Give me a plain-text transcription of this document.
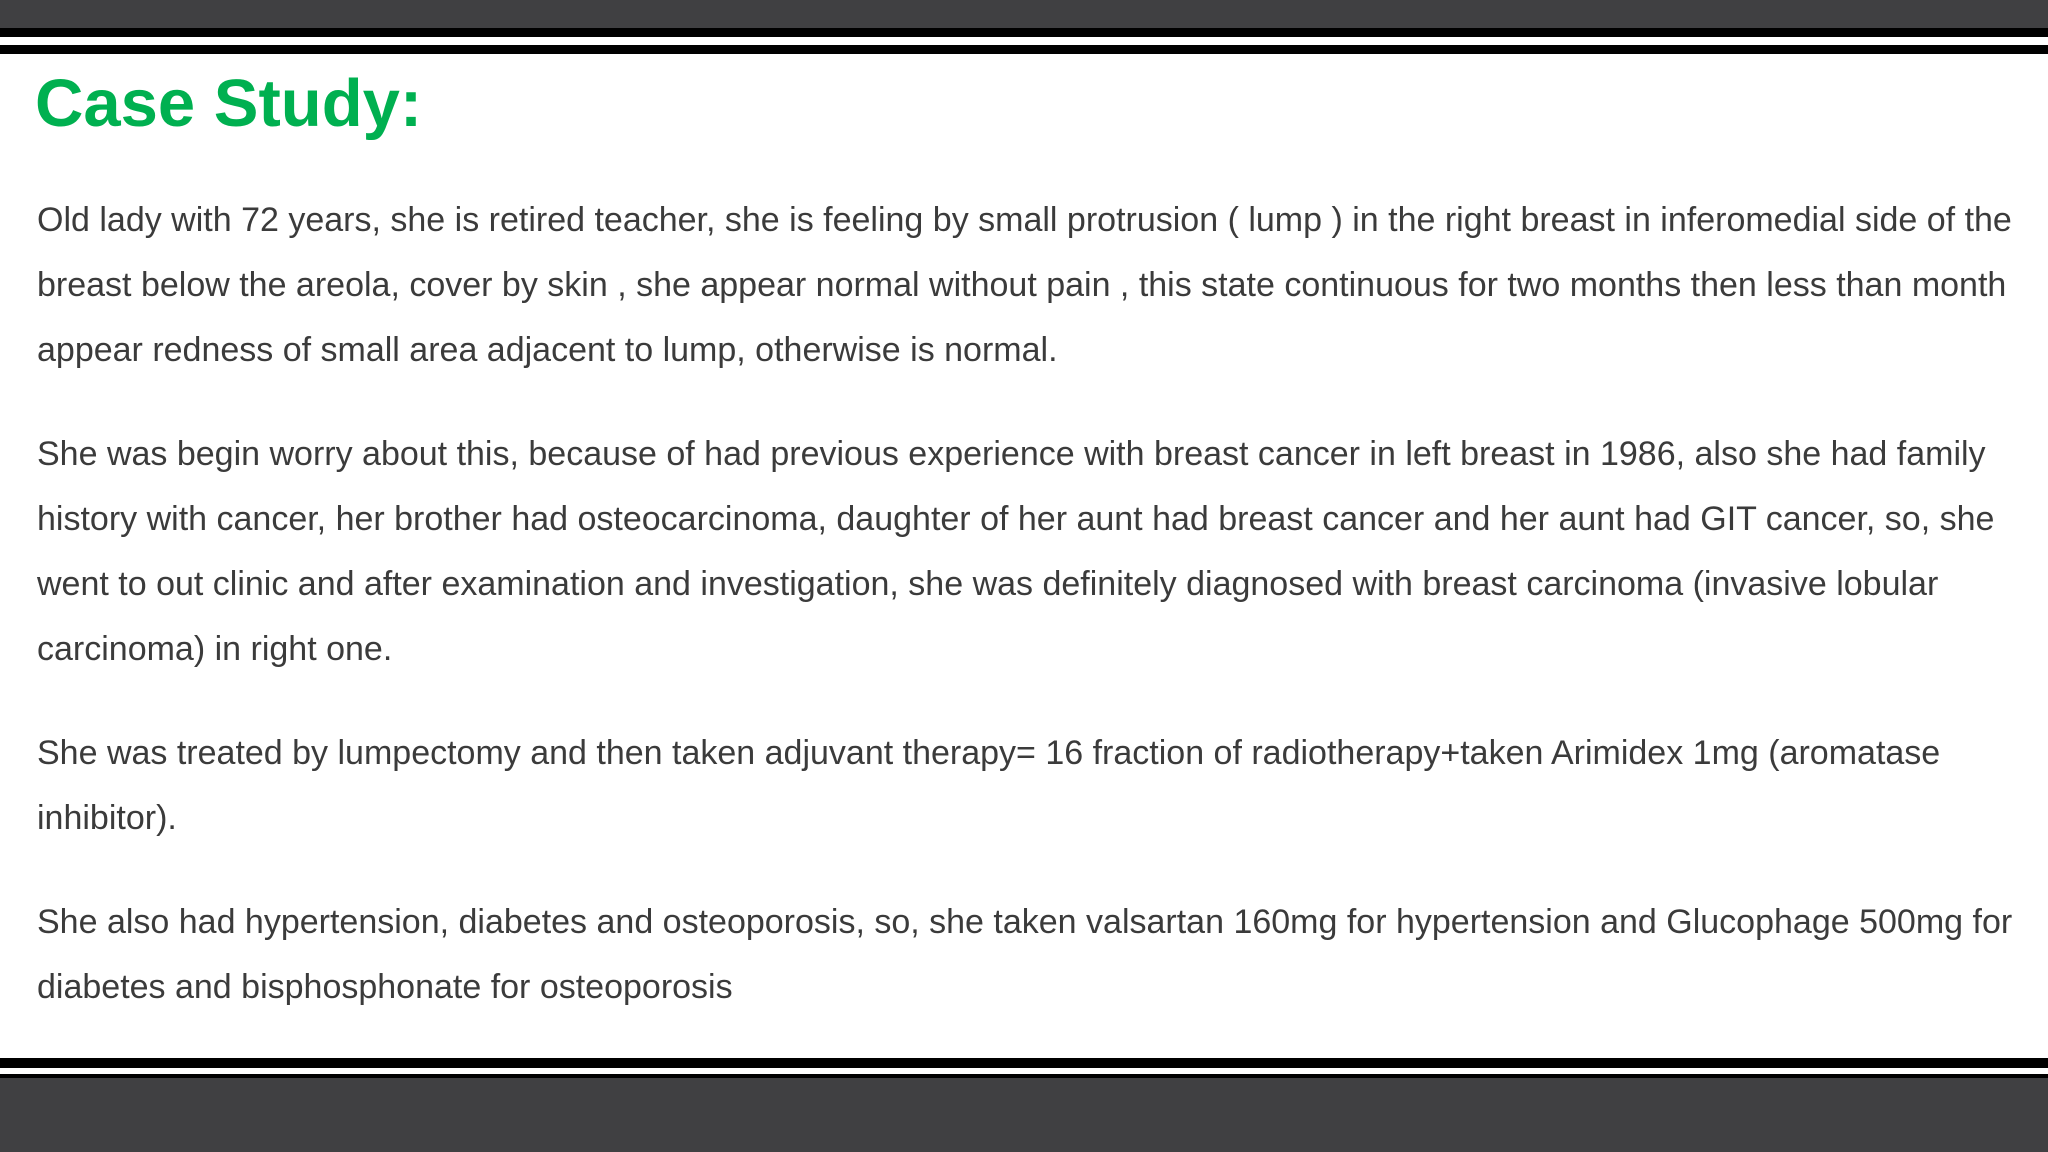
Case Study:

Old lady with 72 years, she is retired teacher, she is feeling by small protrusion ( lump ) in the right breast in inferomedial side of the breast below the areola, cover by skin , she appear normal without pain , this state continuous for two months then less than month appear redness of small area adjacent to lump, otherwise is normal.

She was begin worry about this, because of had previous experience with breast cancer in left breast in 1986, also she had family history with cancer, her brother had osteocarcinoma, daughter of her aunt had breast cancer and her aunt had GIT cancer, so, she went to out clinic and after examination and investigation, she was definitely diagnosed with breast carcinoma (invasive lobular carcinoma) in right one.

She was treated by lumpectomy and then taken adjuvant therapy= 16 fraction of radiotherapy+taken Arimidex 1mg (aromatase inhibitor).

She also had hypertension, diabetes and osteoporosis, so, she taken valsartan 160mg for hypertension and Glucophage 500mg for diabetes and bisphosphonate for osteoporosis
